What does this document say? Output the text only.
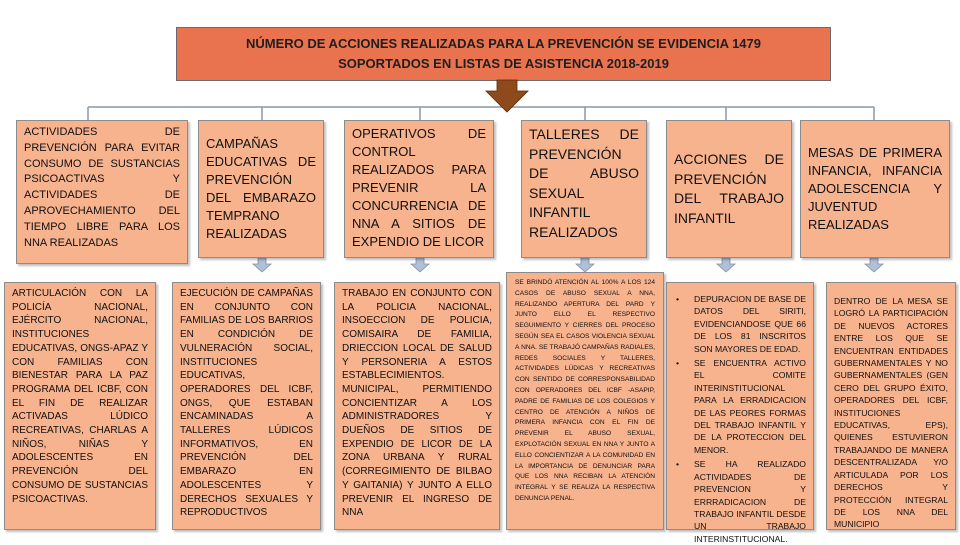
NÚMERO DE ACCIONES REALIZADAS PARA LA PREVENCIÓN SE EVIDENCIA 1479
SOPORTADOS EN LISTAS DE ASISTENCIA 2018-2019
ACTIVIDADES DE PREVENCIÓN PARA EVITAR CONSUMO DE SUSTANCIAS PSICOACTIVAS Y ACTIVIDADES DE APROVECHAMIENTO DEL TIEMPO LIBRE PARA LOS NNA REALIZADAS
CAMPAÑAS EDUCATIVAS DE PREVENCIÓN DEL EMBARAZO TEMPRANO REALIZADAS
OPERATIVOS DE CONTROL REALIZADOS PARA PREVENIR LA CONCURRENCIA DE NNA A SITIOS DE EXPENDIO DE LICOR
TALLERES DE PREVENCIÓN DE ABUSO SEXUAL INFANTIL REALIZADOS
ACCIONES DE PREVENCIÓN DEL TRABAJO INFANTIL
MESAS DE PRIMERA INFANCIA, INFANCIA ADOLESCENCIA Y JUVENTUD REALIZADAS
ARTICULACIÓN CON LA POLICÍA NACIONAL, EJÉRCITO NACIONAL, INSTITUCIONES EDUCATIVAS, ONGS-APAZ Y CON FAMILIAS CON BIENESTAR PARA LA PAZ PROGRAMA DEL ICBF, CON EL FIN DE REALIZAR ACTIVADAS LÚDICO RECREATIVAS, CHARLAS A NIÑOS, NIÑAS Y ADOLESCENTES EN PREVENCIÓN DEL CONSUMO DE SUSTANCIAS PSICOACTIVAS.
EJECUCIÓN DE CAMPAÑAS EN CONJUNTO CON FAMILIAS DE LOS BARRIOS EN CONDICIÓN DE VULNERACIÓN SOCIAL, INSTITUCIONES EDUCATIVAS, OPERADORES DEL ICBF, ONGS, QUE ESTABAN ENCAMINADAS A TALLERES LÚDICOS INFORMATIVOS, EN PREVENCIÓN DEL EMBARAZO EN ADOLESCENTES Y DERECHOS SEXUALES Y REPRODUCTIVOS
TRABAJO EN CONJUNTO CON LA POLICIA NACIONAL, INSOECCION DE POLICIA, COMISAIRA DE FAMILIA, DRIECCION LOCAL DE SALUD Y PERSONERIA A ESTOS ESTABLECIMIENTOS. MUNICIPAL, PERMITIENDO CONCIENTIZAR A LOS ADMINISTRADORES Y DUEÑOS DE SITIOS DE EXPENDIO DE LICOR DE LA ZONA URBANA Y RURAL (CORREGIMIENTO DE BILBAO Y GAITANIA) Y JUNTO A ELLO PREVENIR EL INGRESO DE NNA
SE BRINDÓ ATENCIÓN AL 100% A LOS 124 CASOS DE ABUSO SEXUAL A NNA, REALIZANDO APERTURA DEL PARD Y JUNTO ELLO EL RESPECTIVO SEGUIMIENTO Y CIERRES DEL PROCESO SEGÚN SEA EL CASOS VIOLENCIA SEXUAL A NNA. SE TRABAJÓ CAMPAÑAS RADIALES, REDES SOCIALES Y TALLERES, ACTIVIDADES LÚDICAS Y RECREATIVAS CON SENTIDO DE CORRESPONSABILIDAD CON OPERADORES DEL ICBF -ASAPIP, PADRE DE FAMILIAS DE LOS COLEGIOS Y CENTRO DE ATENCIÓN A NIÑOS DE PRIMERA INFANCIA CON EL FIN DE PREVENIR EL ABUSO SEXUAL, EXPLOTACIÓN SEXUAL EN NNA Y JUNTO A ELLO CONCIENTIZAR A LA COMUNIDAD EN LA IMPORTANCIA DE DENUNCIAR PARA QUE LOS NNA RECIBAN LA ATENCIÓN INTEGRAL Y SE REALIZA LA RESPECTIVA DENUNCIA PENAL.
• DEPURACION DE BASE DE DATOS DEL SIRITI, EVIDENCIANDOSE QUE 66 DE LOS 81 INSCRITOS SON MAYORES DE EDAD.
• SE ENCUENTRA ACTIVO EL COMITE INTERINSTITUCIONAL PARA LA ERRADICACION DE LAS PEORES FORMAS DEL TRABAJO INFANTIL Y DE LA PROTECCION DEL MENOR.
• SE HA REALIZADO ACTIVIDADES DE PREVENCION Y ERRRADICACION DE TRABAJO INFANTIL DESDE UN TRABAJO INTERINSTITUCIONAL.
DENTRO DE LA MESA SE LOGRÓ LA PARTICIPACIÓN DE NUEVOS ACTORES ENTRE LOS QUE SE ENCUENTRAN ENTIDADES GUBERNAMENTALES Y NO GUBERNAMENTALES (GEN CERO DEL GRUPO ÉXITO, OPERADORES DEL ICBF, INSTITUCIONES EDUCATIVAS, EPS), QUIENES ESTUVIERON TRABAJANDO DE MANERA DESCENTRALIZADA Y/O ARTICULADA POR LOS DERECHOS Y PROTECCIÓN INTEGRAL DE LOS NNA DEL MUNICIPIO
